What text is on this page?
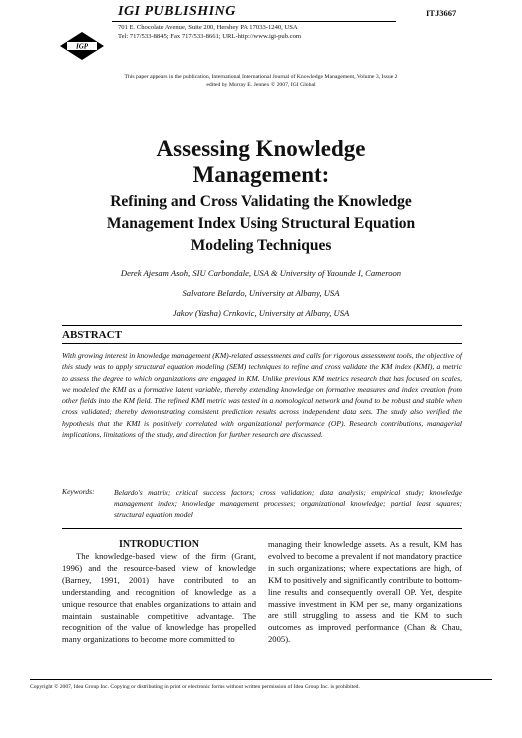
IGP
IGI PUBLISHING
701 E. Chocolate Avenue, Suite 200, Hershey PA 17033-1240, USA
Tel: 717/533-8845; Fax 717/533-8661; URL-http://www.igi-pub.com
ITJ3667
This paper appears in the publication, International International Journal of Knowledge Management, Volume 3, Issue 2
edited by Murray E. Jennex © 2007, IGI Global
Assessing Knowledge
Management:
Refining and Cross Validating the Knowledge
Management Index Using Structural Equation
Modeling Techniques
Derek Ajesam Asoh, SIU Carbondale, USA & University of Yaounde I, Cameroon
Salvatore Belardo, University at Albany, USA
Jakov (Yasha) Crnkovic, University at Albany, USA
ABSTRACT
With growing interest in knowledge management (KM)-related assessments and calls for rigorous assessment tools, the objective of this study was to apply structural equation modeling (SEM) techniques to refine and cross validate the KM index (KMI), a metric to assess the degree to which organizations are engaged in KM. Unlike previous KM metrics research that has focused on scales, we modeled the KMI as a formative latent variable, thereby extending knowledge on formative measures and index creation from other fields into the KM field. The refined KMI metric was tested in a nomological network and found to be robust and stable when cross validated; thereby demonstrating consistent prediction results across independent data sets. The study also verified the hypothesis that the KMI is positively correlated with organizational performance (OP). Research contributions, managerial implications, limitations of the study, and direction for further research are discussed.
Keywords:	Belardo's matrix; critical success factors; cross validation; data analysis; empirical study; knowledge management index; knowledge management processes; organizational knowledge; partial least squares; structural equation model
INTRODUCTION

The knowledge-based view of the firm (Grant, 1996) and the resource-based view of knowledge (Barney, 1991, 2001) have contributed to an understanding and recognition of knowledge as a unique resource that enables organizations to attain and maintain sustainable competitive advantage. The recognition of the value of knowledge has propelled many organizations to become more committed to

managing their knowledge assets. As a result, KM has evolved to become a prevalent if not mandatory practice in such organizations; where expectations are high, of KM to positively and significantly contribute to bottom-line results and consequently overall OP. Yet, despite massive investment in KM per se, many organizations are still struggling to assess and tie KM to such outcomes as improved performance (Chan & Chau, 2005).

Copyright © 2007, Idea Group Inc. Copying or distributing in print or electronic forms without written permission of Idea Group Inc. is prohibited.
